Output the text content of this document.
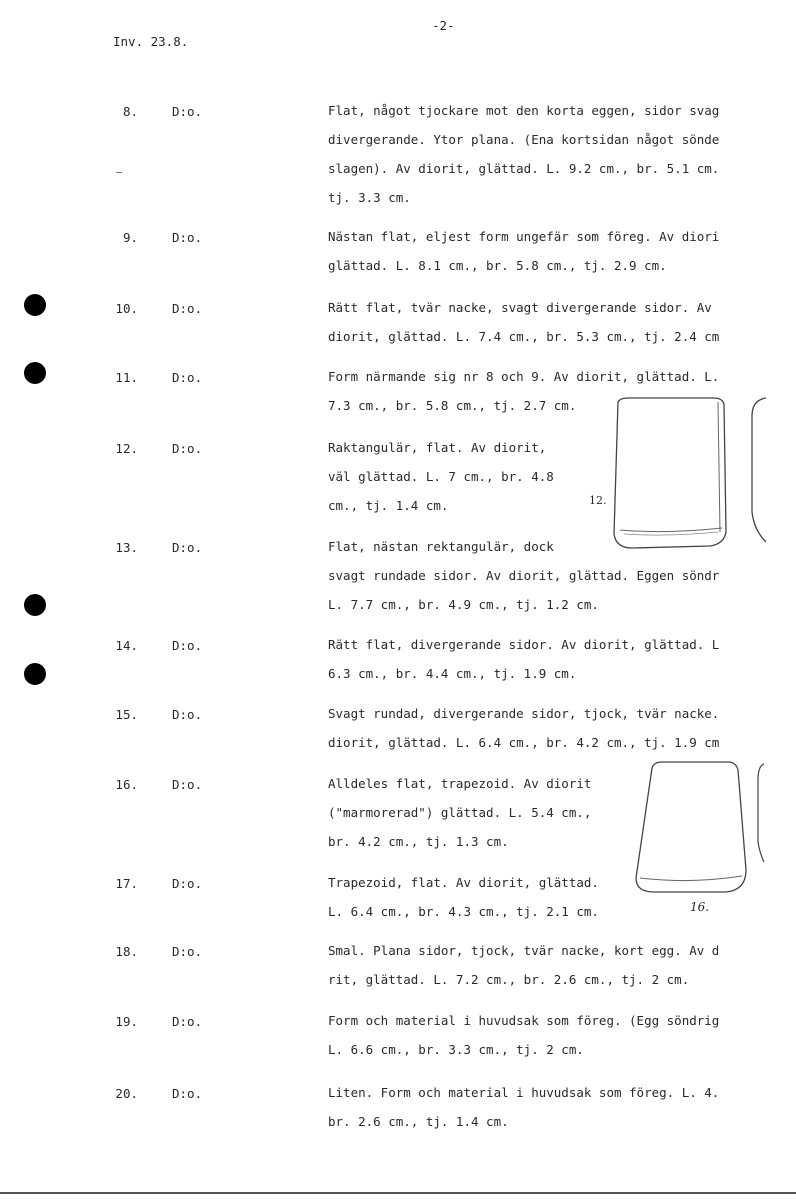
-2-
Inv. 23.8.
8.	D:o.	Flat, något tjockare mot den korta eggen, sidor svag
divergerande. Ytor plana. (Ena kortsidan något sönde
slagen). Av diorit, glättad. L. 9.2 cm., br. 5.1 cm.
tj. 3.3 cm.
9.	D:o.	Nästan flat, eljest form ungefär som föreg. Av diori
glättad. L. 8.1 cm., br. 5.8 cm., tj. 2.9 cm.
10.	D:o.	Rätt flat, tvär nacke, svagt divergerande sidor. Av
diorit, glättad. L. 7.4 cm., br. 5.3 cm., tj. 2.4 cm
11.	D:o.	Form närmande sig nr 8 och 9. Av diorit, glättad. L.
7.3 cm., br. 5.8 cm., tj. 2.7 cm.
12.	D:o.	Raktangulär, flat. Av diorit,
väl glättad. L. 7 cm., br. 4.8
cm., tj. 1.4 cm.
13.	D:o.	Flat, nästan rektangulär, dock
svagt rundade sidor. Av diorit, glättad. Eggen söndr
L. 7.7 cm., br. 4.9 cm., tj. 1.2 cm.
14.	D:o.	Rätt flat, divergerande sidor. Av diorit, glättad. L
6.3 cm., br. 4.4 cm., tj. 1.9 cm.
15.	D:o.	Svagt rundad, divergerande sidor, tjock, tvär nacke.
diorit, glättad. L. 6.4 cm., br. 4.2 cm., tj. 1.9 cm
16.	D:o.	Alldeles flat, trapezoid. Av diorit
("marmorerad") glättad. L. 5.4 cm.,
br. 4.2 cm., tj. 1.3 cm.
17.	D:o.	Trapezoid, flat. Av diorit, glättad.
L. 6.4 cm., br. 4.3 cm., tj. 2.1 cm.
18.	D:o.	Smal. Plana sidor, tjock, tvär nacke, kort egg. Av d
rit, glättad. L. 7.2 cm., br. 2.6 cm., tj. 2 cm.
19.	D:o.	Form och material i huvudsak som föreg. (Egg söndrig
L. 6.6 cm., br. 3.3 cm., tj. 2 cm.
20.	D:o.	Liten. Form och material i huvudsak som föreg. L. 4.
br. 2.6 cm., tj. 1.4 cm.
12.
16.
